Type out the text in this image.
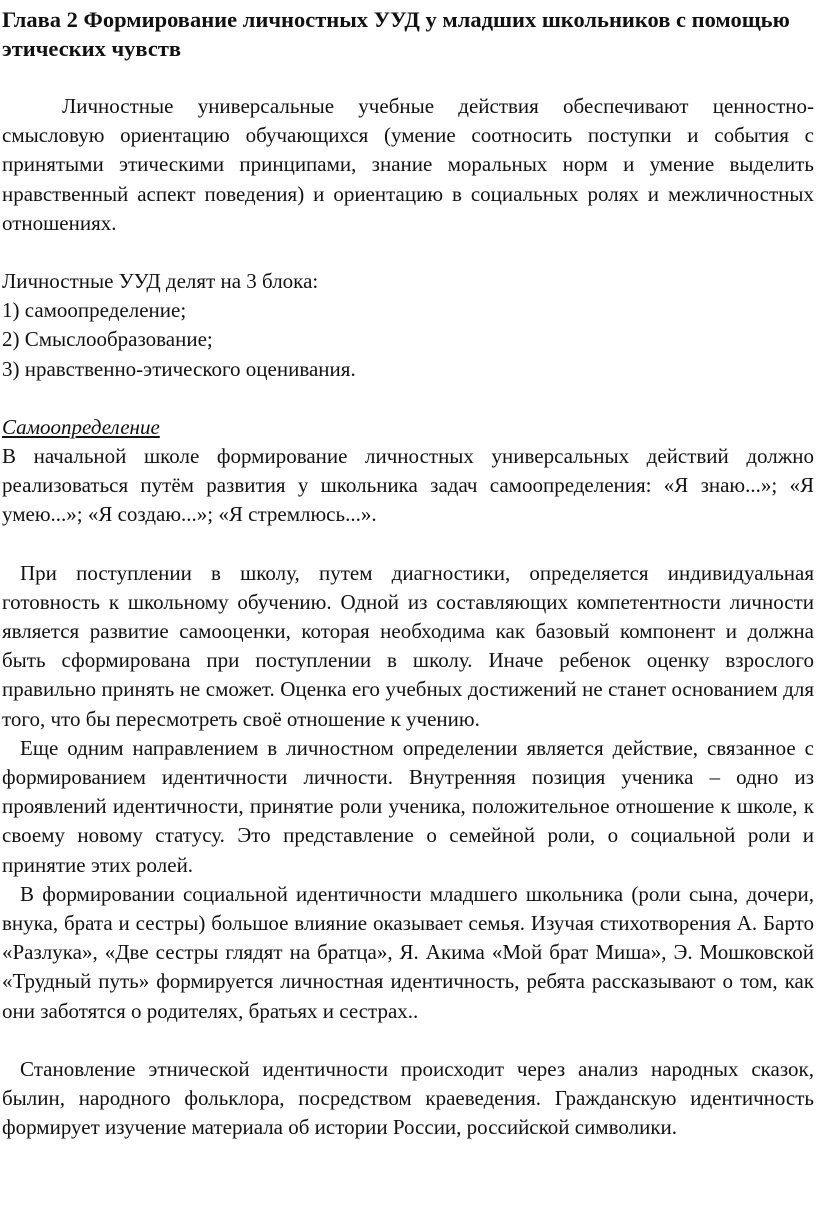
Глава 2 Формирование личностных УУД у младших школьников с помощью этических чувств

Личностные универсальные учебные действия обеспечивают ценностно-смысловую ориентацию обучающихся (умение соотносить поступки и события с принятыми этическими принципами, знание моральных норм и умение выделить нравственный аспект поведения) и ориентацию в социальных ролях и межличностных отношениях.

Личностные УУД делят на 3 блока:

1) самоопределение;

2) Смыслообразование;

3) нравственно-этического оценивания.

Самоопределение

В начальной школе формирование личностных универсальных действий должно реализоваться путём развития у школьника задач самоопределения: «Я знаю...»; «Я умею...»; «Я создаю...»; «Я стремлюсь...».

При поступлении в школу, путем диагностики, определяется индивидуальная готовность к школьному обучению. Одной из составляющих компетентности личности является развитие самооценки, которая необходима как базовый компонент и должна быть сформирована при поступлении в школу. Иначе ребенок оценку взрослого правильно принять не сможет. Оценка его учебных достижений не станет основанием для того, что бы пересмотреть своё отношение к учению.

Еще одним направлением в личностном определении является действие, связанное с формированием идентичности личности. Внутренняя позиция ученика – одно из проявлений идентичности, принятие роли ученика, положительное отношение к школе, к своему новому статусу. Это представление о семейной роли, о социальной роли и принятие этих ролей.

В формировании социальной идентичности младшего школьника (роли сына, дочери, внука, брата и сестры) большое влияние оказывает семья. Изучая стихотворения А. Барто «Разлука», «Две сестры глядят на братца», Я. Акима «Мой брат Миша», Э. Мошковской «Трудный путь» формируется личностная идентичность, ребята рассказывают о том, как они заботятся о родителях, братьях и сестрах..

Становление этнической идентичности происходит через анализ народных сказок, былин, народного фольклора, посредством краеведения. Гражданскую идентичность формирует изучение материала об истории России, российской символики.
